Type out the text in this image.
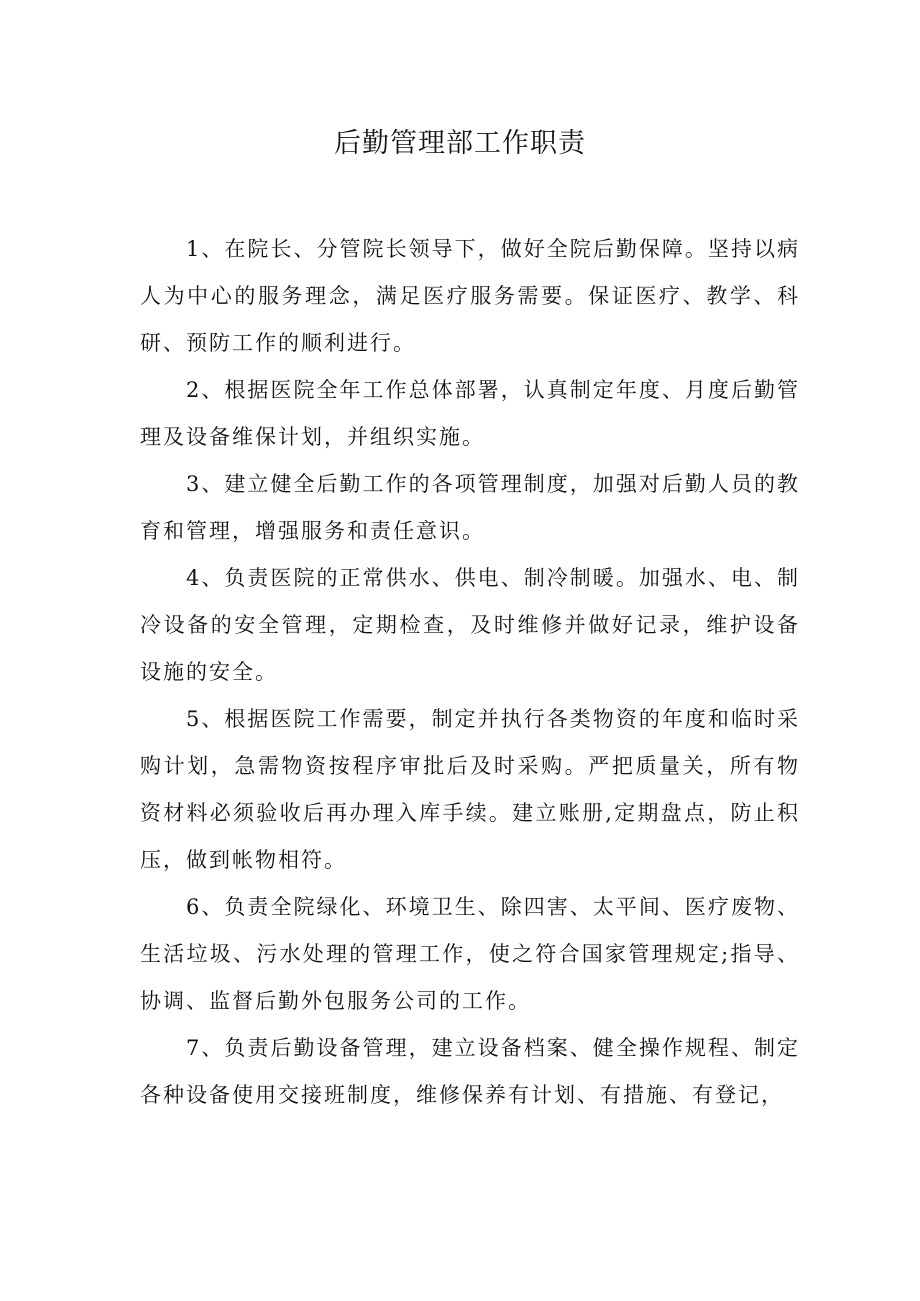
后勤管理部工作职责

1、在院长、分管院长领导下，做好全院后勤保障。坚持以病人为中心的服务理念，满足医疗服务需要。保证医疗、教学、科研、预防工作的顺利进行。

2、根据医院全年工作总体部署，认真制定年度、月度后勤管理及设备维保计划，并组织实施。

3、建立健全后勤工作的各项管理制度，加强对后勤人员的教育和管理，增强服务和责任意识。

4、负责医院的正常供水、供电、制冷制暖。加强水、电、制冷设备的安全管理，定期检查，及时维修并做好记录，维护设备设施的安全。

5、根据医院工作需要，制定并执行各类物资的年度和临时采购计划，急需物资按程序审批后及时采购。严把质量关，所有物资材料必须验收后再办理入库手续。建立账册,定期盘点，防止积压，做到帐物相符。

6、负责全院绿化、环境卫生、除四害、太平间、医疗废物、生活垃圾、污水处理的管理工作，使之符合国家管理规定;指导、协调、监督后勤外包服务公司的工作。

7、负责后勤设备管理，建立设备档案、健全操作规程、制定各种设备使用交接班制度，维修保养有计划、有措施、有登记，
